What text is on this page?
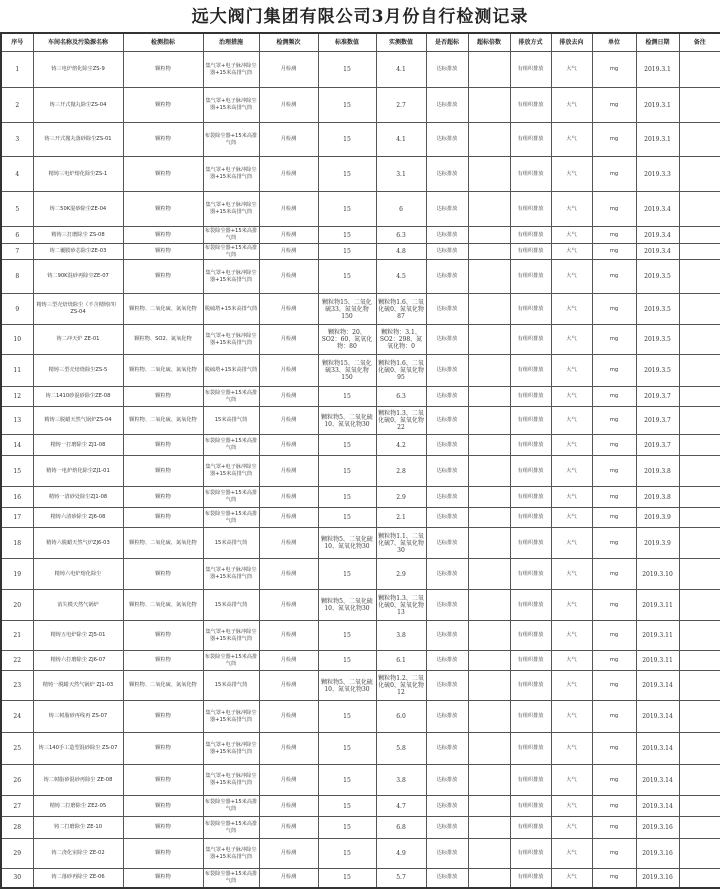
远大阀门集团有限公司3月份自行检测记录
序号	车间名称及污染源名称	检测指标	治理措施	检测频次	标准数值	实测数值	是否超标	超标倍数	排放方式	排放去向	单位	检测日期	备注
1	铸三电炉熔化除尘ZS-9	颗粒物	集气罩+电子脉冲除尘器+15米高排气筒	月检测	15	4.1	达标排放		有组织排放	大气	mg	2019.3.1	
2	铸三开式抛丸除尘ZS-04	颗粒物	集气罩+电子脉冲除尘器+15米高排气筒	月检测	15	2.7	达标排放		有组织排放	大气	mg	2019.3.1	
3	铸三开式抛丸落砂除尘ZS-01	颗粒物	布袋除尘器+15米高排气筒	月检测	15	4.1	达标排放		有组织排放	大气	mg	2019.3.1	
4	精铸三电炉熔化除尘ZS-1	颗粒物	集气罩+电子脉冲除尘器+15米高排气筒	月检测	15	3.1	达标排放		有组织排放	大气	mg	2019.3.3	
5	铸二50K混砂除尘ZE-04	颗粒物	集气罩+电子脉冲除尘器+15米高排气筒	月检测	15	6	达标排放		有组织排放	大气	mg	2019.3.4	
6	精铸三打磨除尘 ZS-08	颗粒物	布袋除尘器+15米高排气筒	月检测	15	6.3	达标排放		有组织排放	大气	mg	2019.3.4	
7	铸二覆膜砂芯除尘ZE-03	颗粒物	布袋除尘器+15米高排气筒	月检测	15	4.8	达标排放		有组织排放	大气	mg	2019.3.4	
8	铸二90K混砂再除尘ZE-07	颗粒物	集气罩+电子脉冲除尘器+15米高排气筒	月检测	15	4.5	达标排放		有组织排放	大气	mg	2019.3.5	
9	精铸三型壳焙烧除尘（不含精铸四）ZS-04	颗粒物、二氧化硫、氮氧化物	脱硫塔+15米高排气筒	月检测	颗粒物15、二氧化硫33、氮氧化物150	颗粒物1.6、二氧化硫0、氮氧化物87	达标排放		有组织排放	大气	mg	2019.3.5	
10	铸二冲天炉 ZE-01	颗粒物、SO2、氮氧化物	集气罩+电子脉冲除尘器+15米高排气筒	月检测	颗粒物：20、SO2：60、氮氧化物：80	颗粒物：3.1、SO2：298、氮氧化物：0	达标排放		有组织排放	大气	mg	2019.3.5	
11	精铸三型壳焙烧除尘ZS-5	颗粒物、二氧化硫、氮氧化物	脱硫塔+15米高排气筒	月检测	颗粒物15、二氧化硫33、氮氧化物150	颗粒物1.6、二氧化硫0、氮氧化物95	达标排放		有组织排放	大气	mg	2019.3.5	
12	铸二1410砂混砂除尘ZE-08	颗粒物	布袋除尘器+15米高排气筒	月检测	15	6.3	达标排放		有组织排放	大气	mg	2019.3.7	
13	精铸三脱蜡天然气锅炉ZS-04	颗粒物、二氧化硫、氮氧化物	15米高排气筒	月检测	颗粒物5、二氧化硫10、氮氧化物30	颗粒物1.3、二氧化硫0、氮氧化物22	达标排放		有组织排放	大气	mg	2019.3.7	
14	精铸一打磨除尘 ZJ1-08	颗粒物	布袋除尘器+15米高排气筒	月检测	15	4.2	达标排放		有组织排放	大气	mg	2019.3.7	
15	精铸一电炉熔化除尘ZJ1-01	颗粒物	集气罩+电子脉冲除尘器+15米高排气筒	月检测	15	2.8	达标排放		有组织排放	大气	mg	2019.3.8	
16	精铸一清砂处除尘ZJ1-08	颗粒物	布袋除尘器+15米高排气筒	月检测	15	2.9	达标排放		有组织排放	大气	mg	2019.3.8	
17	精铸六清砂除尘 ZJ6-08	颗粒物	布袋除尘器+15米高排气筒	月检测	15	2.1	达标排放		有组织排放	大气	mg	2019.3.9	
18	精铸六脱蜡天然气炉ZJ6-03	颗粒物、二氧化硫、氮氧化物	15米高排气筒	月检测	颗粒物5、二氧化硫10、氮氧化物30	颗粒物1.1、二氧化硫7、氮氧化物30	达标排放		有组织排放	大气	mg	2019.3.9	
19	精铸六电炉熔化除尘	颗粒物	集气罩+电子脉冲除尘器+15米高排气筒	月检测	15	2.9	达标排放		有组织排放	大气	mg	2019.3.10	
20	消失模天然气锅炉	颗粒物、二氧化硫、氮氧化物	15米高排气筒	月检测	颗粒物5、二氧化硫10、氮氧化物30	颗粒物1.3、二氧化硫0、氮氧化物13	达标排放		有组织排放	大气	mg	2019.3.11	
21	精铸五电炉除尘 ZJ5-01	颗粒物	集气罩+电子脉冲除尘器+15米高排气筒	月检测	15	3.8	达标排放		有组织排放	大气	mg	2019.3.11	
22	精铸六打磨除尘 ZJ6-07	颗粒物	布袋除尘器+15米高排气筒	月检测	15	6.1	达标排放		有组织排放	大气	mg	2019.3.11	
23	精铸一脱蜡天然气锅炉 ZJ1-03	颗粒物、二氧化硫、氮氧化物	15米高排气筒	月检测	颗粒物5、二氧化硫10、氮氧化物30	颗粒物1.2、二氧化硫0、氮氧化物12	达标排放		有组织排放	大气	mg	2019.3.14	
24	铸三树脂砂再线再 ZS-07	颗粒物	集气罩+电子脉冲除尘器+15米高排气筒	月检测	15	6.0	达标排放		有组织排放	大气	mg	2019.3.14	
25	铸三140手工造型混砂除尘 ZS-07	颗粒物	集气罩+电子脉冲除尘器+15米高排气筒	月检测	15	5.8	达标排放		有组织排放	大气	mg	2019.3.14	
26	铸二树脂砂混砂再除尘 ZE-08	颗粒物	集气罩+电子脉冲除尘器+15米高排气筒	月检测	15	3.8	达标排放		有组织排放	大气	mg	2019.3.14	
27	精铸二打磨除尘 ZE2-05	颗粒物	布袋除尘器+15米高排气筒	月检测	15	4.7	达标排放		有组织排放	大气	mg	2019.3.14	
28	铸二打磨除尘 ZE-10	颗粒物	布袋除尘器+15米高排气筒	月检测	15	6.8	达标排放		有组织排放	大气	mg	2019.3.16	
29	铸二浇化室除尘 ZE-02	颗粒物	集气罩+电子脉冲除尘器+15米高排气筒	月检测	15	4.9	达标排放		有组织排放	大气	mg	2019.3.16	
30	铸二落砂再除尘 ZE-06	颗粒物	布袋除尘器+15米高排气筒	月检测	15	5.7	达标排放		有组织排放	大气	mg	2019.3.16	
